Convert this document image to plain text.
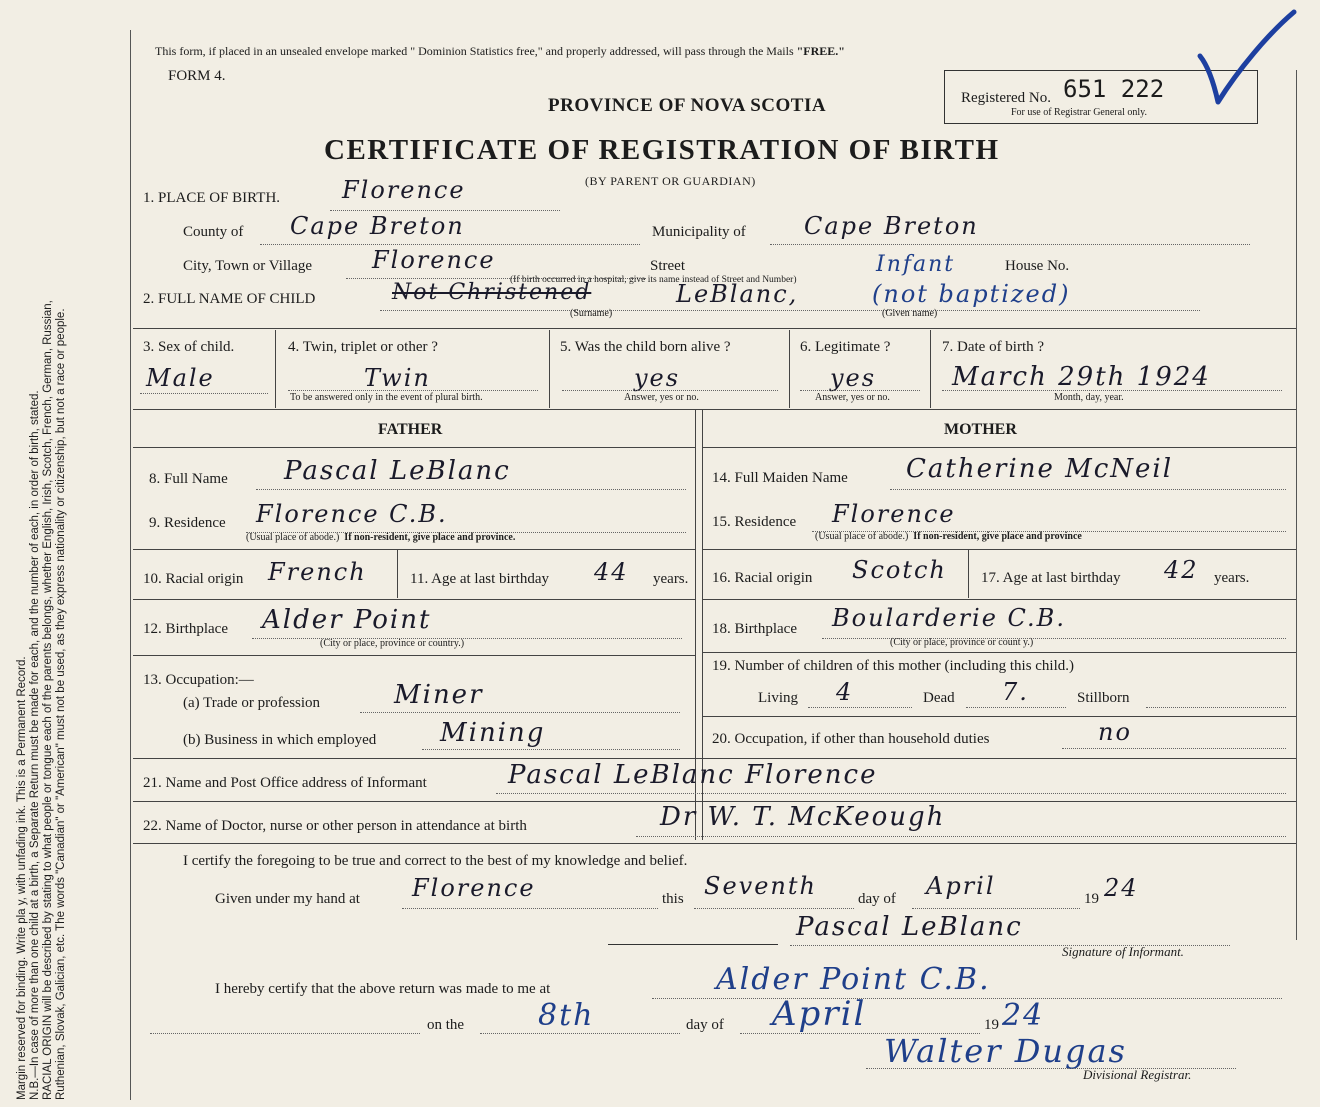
Margin reserved for binding. Write pla y, with unfading ink. This is a Permanent Record. N.B.—In case of more than one child at a birth, a Separate Return must be made for each, and the number of each, in order of birth, stated. RACIAL ORIGIN will be described by stating to what people or tongue each of the parents belongs, whether English, Irish, Scotch, French, German, Russian, Ruthenian, Slovak, Galician, etc. The words "Canadian" or "American" must not be used, as they express nationality or citizenship, but not a race or people.
This form, if placed in an unsealed envelope marked " Dominion Statistics free," and properly addressed, will pass through the Mails "FREE."
FORM 4.
PROVINCE OF NOVA SCOTIA
CERTIFICATE OF REGISTRATION OF BIRTH
(BY PARENT OR GUARDIAN)
Registered No. 651 222
For use of Registrar General only.
1. PLACE OF BIRTH.	Florence
County of Cape Breton	Municipality of Cape Breton
City, Town or Village Florence	Street
(If birth occurred in a hospital, give its name instead of Street and Number)
House No.
2. FULL NAME OF CHILD	Not Christened	LeBlanc,
Infant
(not baptized)
(Surname)	(Given name)
3. Sex of child.
Male
4. Twin, triplet or other ?
Twin
To be answered only in the event of plural birth.
5. Was the child born alive ?
yes
Answer, yes or no.
6. Legitimate ?
yes
Answer, yes or no.
7. Date of birth ?
March 29th 1924
Month, day, year.
FATHER	MOTHER
8. Full Name Pascal LeBlanc
9. Residence Florence C.B.
(Usual place of abode.) If non-resident, give place and province.
10. Racial origin French	11. Age at last birthday 44 years.
12. Birthplace Alder Point
(City or place, province or country.)
13. Occupation:—
(a) Trade or profession	Miner
(b) Business in which employed Mining
14. Full Maiden Name Catherine McNeil
15. Residence Florence
(Usual place of abode.) If non-resident, give place and province
16. Racial origin Scotch 17. Age at last birthday 42 years.
18. Birthplace Boularderie C.B.
(City or place, province or count y.)
19. Number of children of this mother (including this child.)
Living 4	Dead 7.	Stillborn
20. Occupation, if other than household duties	no
21. Name and Post Office address of Informant	Pascal LeBlanc Florence
22. Name of Doctor, nurse or other person in attendance at birth	Dr W. T. McKeough
I certify the foregoing to be true and correct to the best of my knowledge and belief.
Given under my hand at Florence	this Seventh	day of April	19 24
Pascal LeBlanc
Signature of Informant.
I hereby certify that the above return was made to me at	Alder Point C.B.
on the 8th	day of April	19 24
Walter Dugas
Divisional Registrar.
